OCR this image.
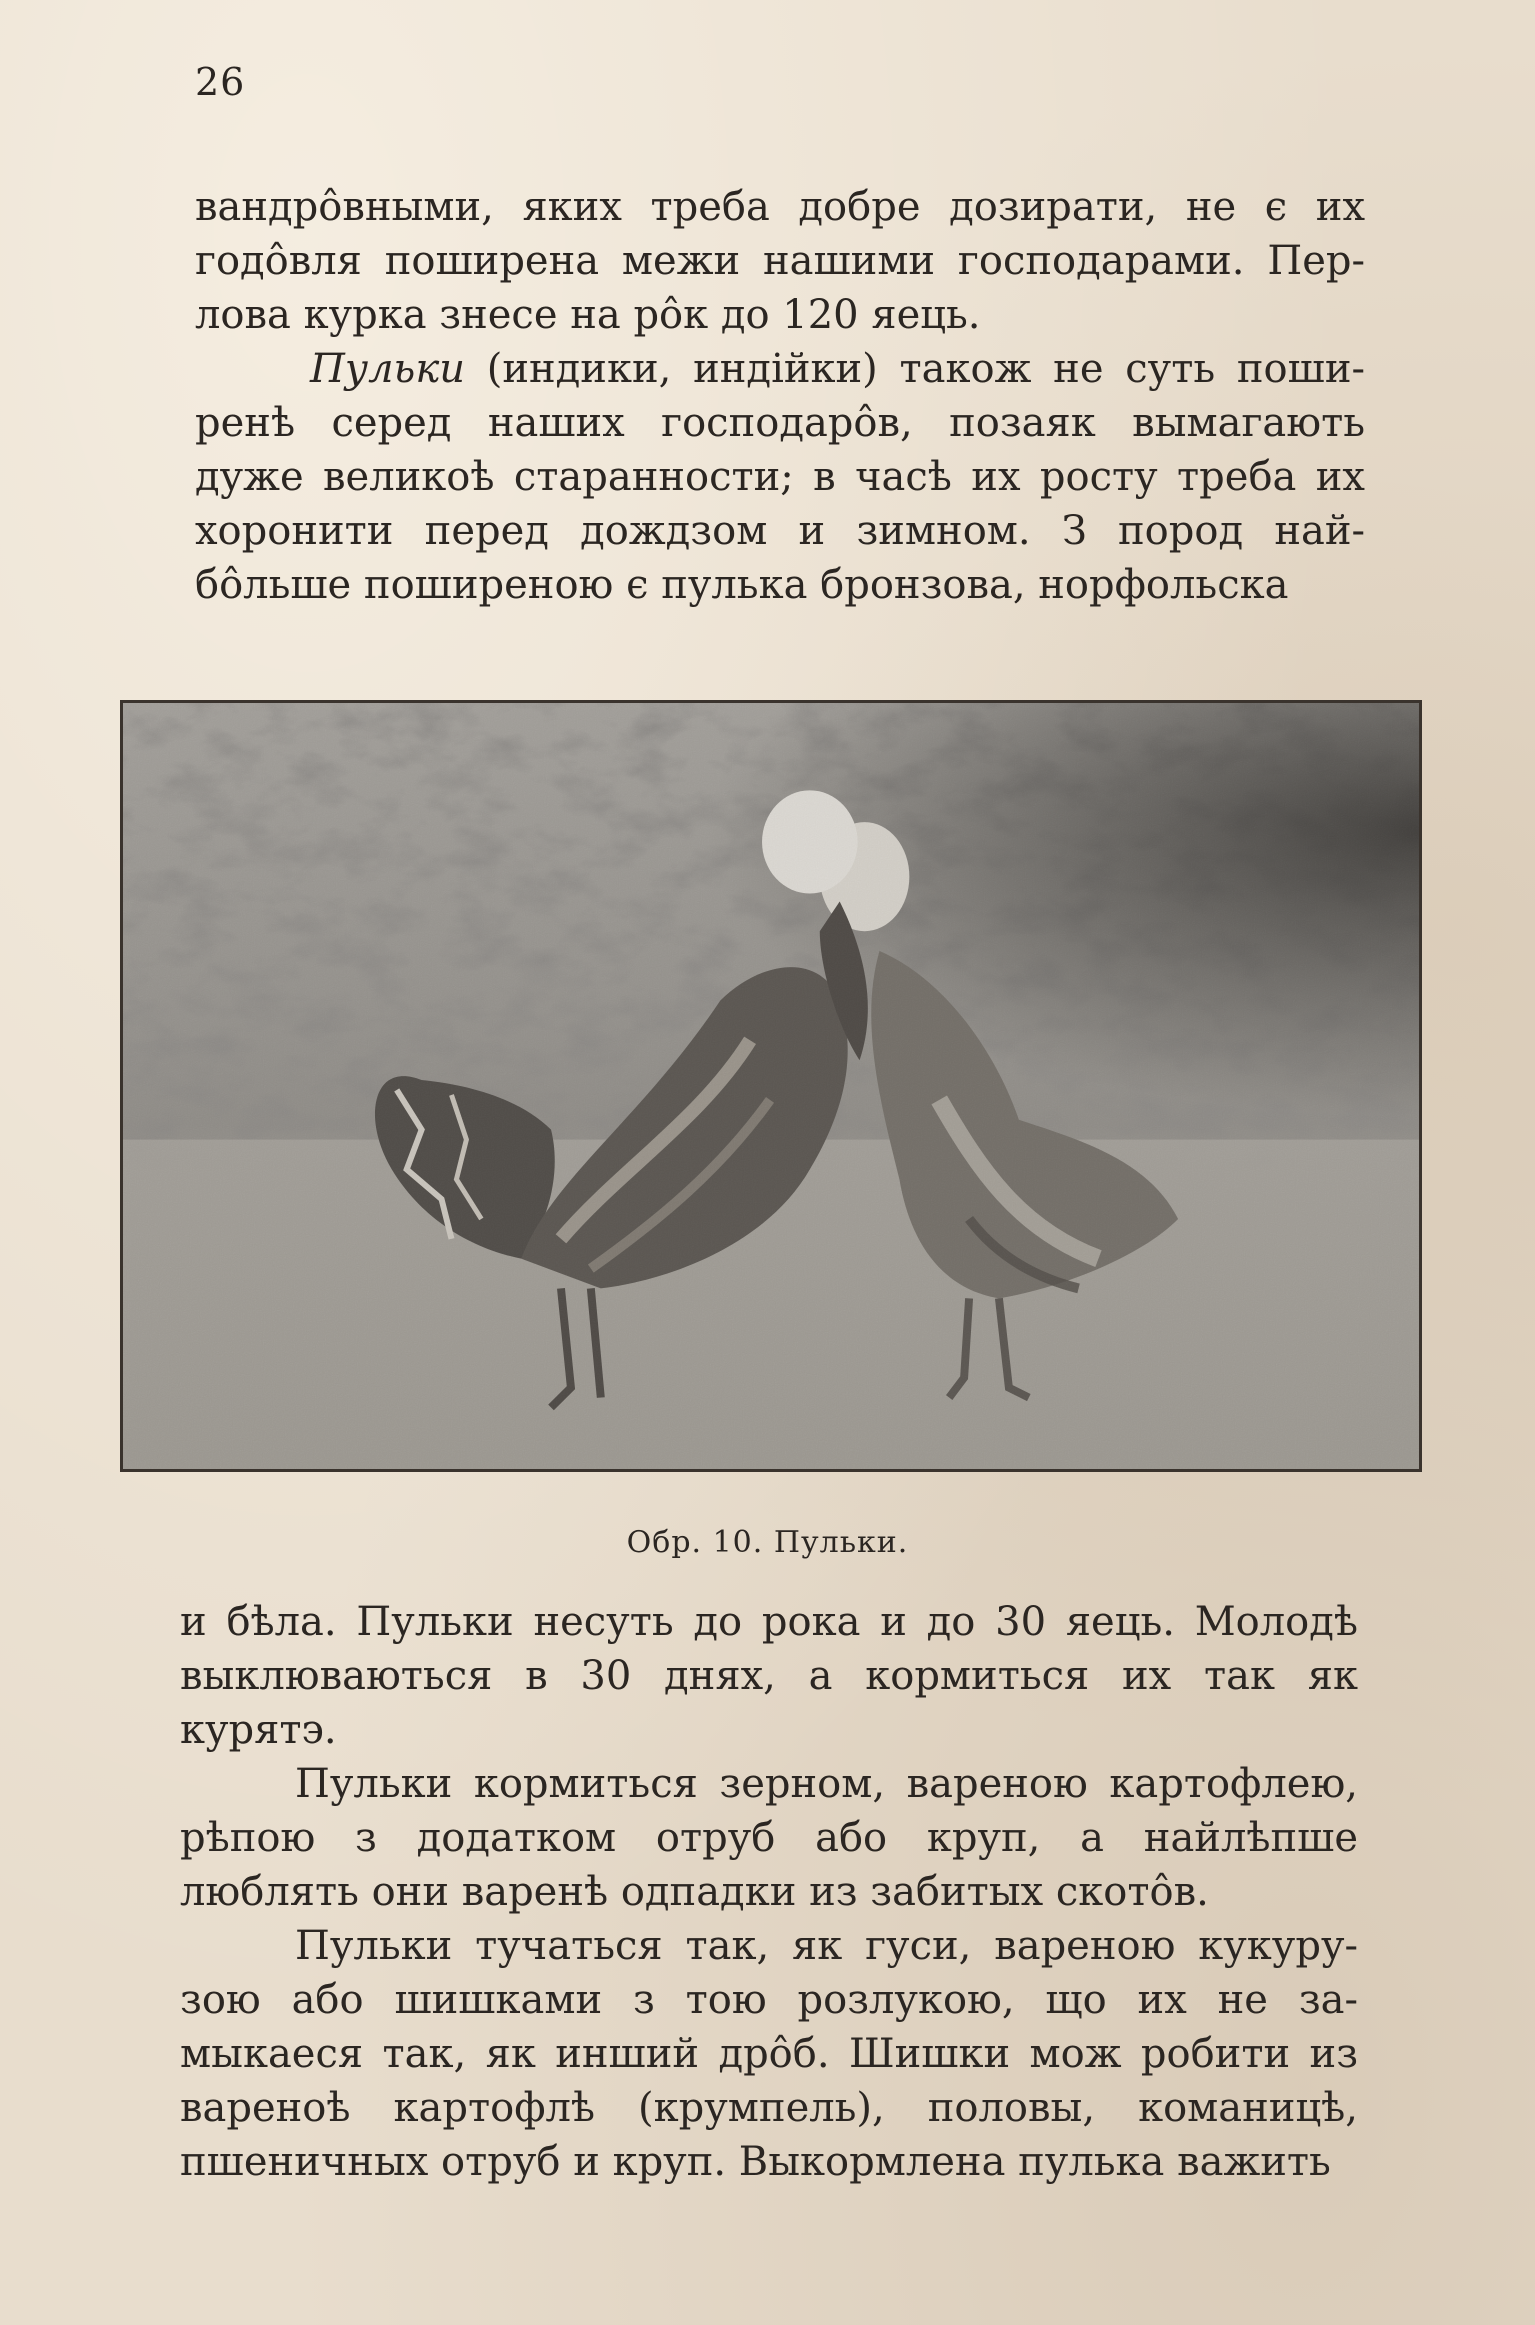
26

вандрôвными, яких треба добре дозирати, не є их годôвля поширена межи нашими господарами. Пер- лова курка знесе на рôк до 120 яець.

Пульки (индики, индійки) також не суть поши- ренѣ серед наших господарôв, позаяк вымагають дуже великоѣ старанности; в часѣ их росту треба их хоронити перед дождзом и зимном. З пород най- бôльше поширеною є пулька бронзова, норфольска

Обр. 10. Пульки.

и бѣла. Пульки несуть до рока и до 30 яець. Молодѣ выклюваються в 30 днях, а кормиться их так як курятэ.

Пульки кормиться зерном, вареною картофлею, рѣпою з додатком отруб або круп, а найлѣпше люблять они варенѣ одпадки из забитых скотôв.

Пульки тучаться так, як гуси, вареною кукуру- зою або шишками з тою розлукою, що их не за- мыкаеся так, як инший дрôб. Шишки мож робити из вареноѣ картофлѣ (крумпель), половы, команицѣ, пшеничных отруб и круп. Выкормлена пулька важить
